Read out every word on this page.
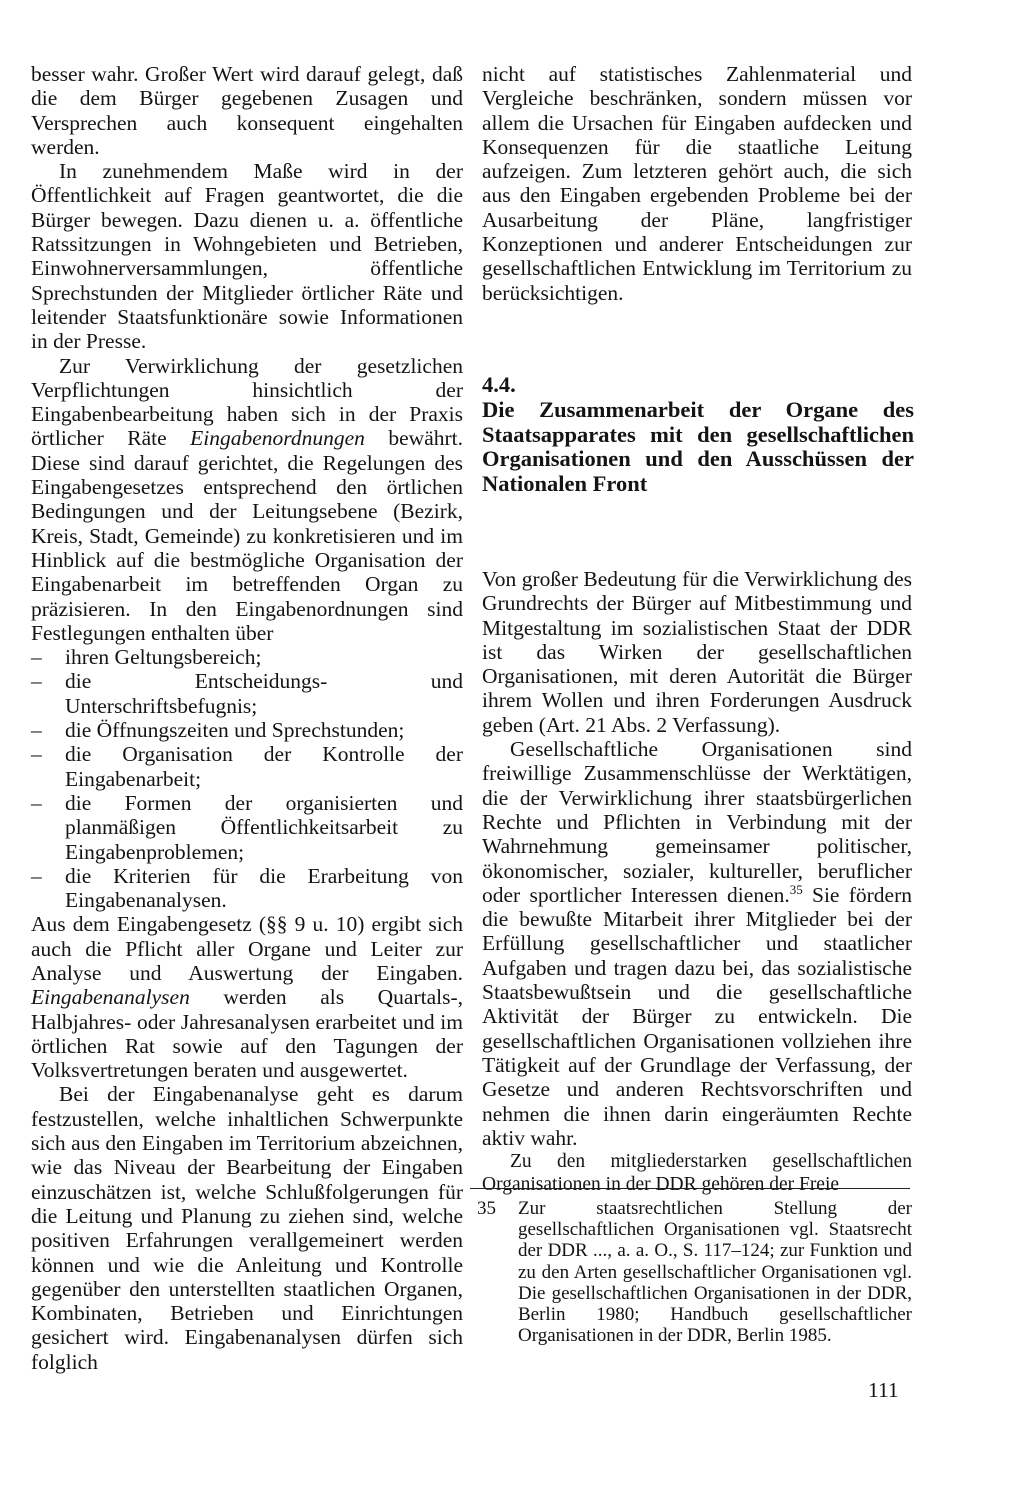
besser wahr. Großer Wert wird darauf gelegt, daß die dem Bürger gegebenen Zusagen und Versprechen auch konsequent eingehalten werden.

In zunehmendem Maße wird in der Öffentlichkeit auf Fragen geantwortet, die die Bürger bewegen. Dazu dienen u. a. öffentliche Ratssitzungen in Wohngebieten und Betrieben, Einwohnerversammlungen, öffentliche Sprechstunden der Mitglieder örtlicher Räte und leitender Staatsfunktionäre sowie Informationen in der Presse.

Zur Verwirklichung der gesetzlichen Verpflichtungen hinsichtlich der Eingabenbearbeitung haben sich in der Praxis örtlicher Räte Eingabenordnungen bewährt. Diese sind darauf gerichtet, die Regelungen des Eingabengesetzes entsprechend den örtlichen Bedingungen und der Leitungsebene (Bezirk, Kreis, Stadt, Gemeinde) zu konkretisieren und im Hinblick auf die bestmögliche Organisation der Eingabenarbeit im betreffenden Organ zu präzisieren. In den Eingabenordnungen sind Festlegungen enthalten über

– ihren Geltungsbereich;
– die Entscheidungs- und Unterschriftsbefugnis;
– die Öffnungszeiten und Sprechstunden;
– die Organisation der Kontrolle der Eingabenarbeit;
– die Formen der organisierten und planmäßigen Öffentlichkeitsarbeit zu Eingabenproblemen;
– die Kriterien für die Erarbeitung von Eingabenanalysen.

Aus dem Eingabengesetz (§§ 9 u. 10) ergibt sich auch die Pflicht aller Organe und Leiter zur Analyse und Auswertung der Eingaben. Eingabenanalysen werden als Quartals-, Halbjahres- oder Jahresanalysen erarbeitet und im örtlichen Rat sowie auf den Tagungen der Volksvertretungen beraten und ausgewertet.

Bei der Eingabenanalyse geht es darum festzustellen, welche inhaltlichen Schwerpunkte sich aus den Eingaben im Territorium abzeichnen, wie das Niveau der Bearbeitung der Eingaben einzuschätzen ist, welche Schlußfolgerungen für die Leitung und Planung zu ziehen sind, welche positiven Erfahrungen verallgemeinert werden können und wie die Anleitung und Kontrolle gegenüber den unterstellten staatlichen Organen, Kombinaten, Betrieben und Einrichtungen gesichert wird. Eingabenanalysen dürfen sich folglich

nicht auf statistisches Zahlenmaterial und Vergleiche beschränken, sondern müssen vor allem die Ursachen für Eingaben aufdecken und Konsequenzen für die staatliche Leitung aufzeigen. Zum letzteren gehört auch, die sich aus den Eingaben ergebenden Probleme bei der Ausarbeitung der Pläne, langfristiger Konzeptionen und anderer Entscheidungen zur gesellschaftlichen Entwicklung im Territorium zu berücksichtigen.

4.4.
Die Zusammenarbeit der Organe des Staatsapparates mit den gesellschaftlichen Organisationen und den Ausschüssen der Nationalen Front

Von großer Bedeutung für die Verwirklichung des Grundrechts der Bürger auf Mitbestimmung und Mitgestaltung im sozialistischen Staat der DDR ist das Wirken der gesellschaftlichen Organisationen, mit deren Autorität die Bürger ihrem Wollen und ihren Forderungen Ausdruck geben (Art. 21 Abs. 2 Verfassung).

Gesellschaftliche Organisationen sind freiwillige Zusammenschlüsse der Werktätigen, die der Verwirklichung ihrer staatsbürgerlichen Rechte und Pflichten in Verbindung mit der Wahrnehmung gemeinsamer politischer, ökonomischer, sozialer, kultureller, beruflicher oder sportlicher Interessen dienen.$^{35}$ Sie fördern die bewußte Mitarbeit ihrer Mitglieder bei der Erfüllung gesellschaftlicher und staatlicher Aufgaben und tragen dazu bei, das sozialistische Staatsbewußtsein und die gesellschaftliche Aktivität der Bürger zu entwickeln. Die gesellschaftlichen Organisationen vollziehen ihre Tätigkeit auf der Grundlage der Verfassung, der Gesetze und anderen Rechtsvorschriften und nehmen die ihnen darin eingeräumten Rechte aktiv wahr.

Zu den mitgliederstarken gesellschaftlichen Organisationen in der DDR gehören der Freie

35 Zur staatsrechtlichen Stellung der gesellschaftlichen Organisationen vgl. Staatsrecht der DDR ..., a. a. O., S. 117–124; zur Funktion und zu den Arten gesellschaftlicher Organisationen vgl. Die gesellschaftlichen Organisationen in der DDR, Berlin 1980; Handbuch gesellschaftlicher Organisationen in der DDR, Berlin 1985.
111
